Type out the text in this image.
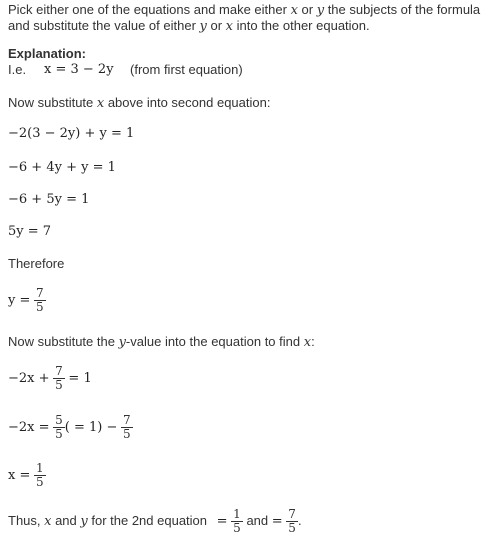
Pick either one of the equations and make either x or y the subjects of the formula
and substitute the value of either y or x into the other equation.
Explanation:
I.e. x = 3 − 2y (from first equation)
Now substitute x above into second equation:
−2(3 − 2y) + y = 1
−6 + 4y + y = 1
−6 + 5y = 1
5y = 7
Therefore
$y = \frac{7}{5}$
Now substitute the y-value into the equation to find x:
$-2x + \frac{7}{5} = 1$
$-2x = \frac{5}{5}$ ( = $1) - \frac{7}{5}$
$x = \frac{1}{5}$
Thus, x and y for the 2nd equation = $\frac{1}{5}$ and = $\frac{7}{5}$ .
